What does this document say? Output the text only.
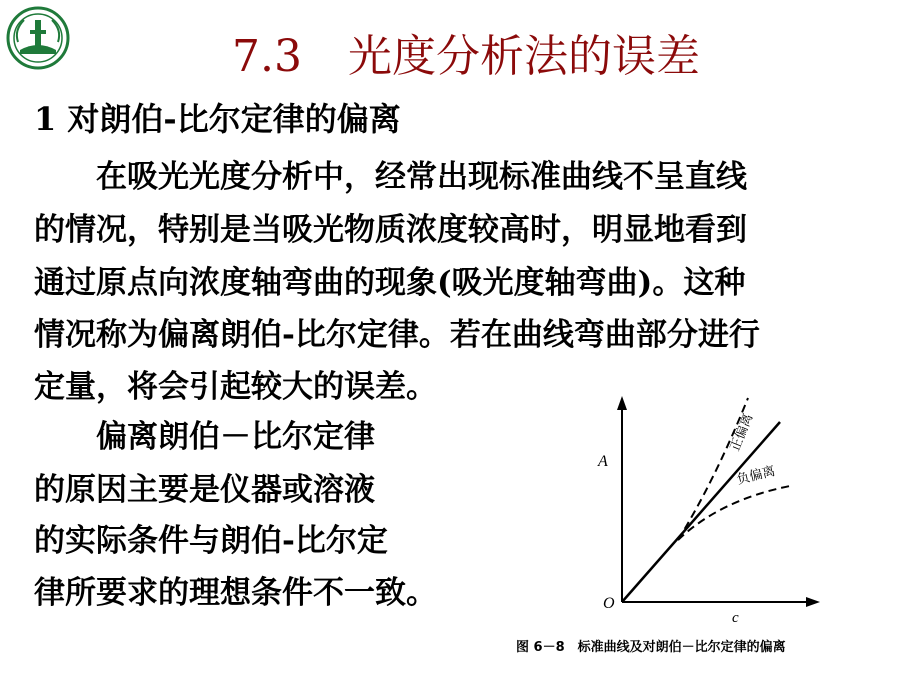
7.3 光度分析法的误差
1 对朗伯-比尔定律的偏离
　　在吸光光度分析中，经常出现标准曲线不呈直线
的情况，特别是当吸光物质浓度较高时，明显地看到
通过原点向浓度轴弯曲的现象(吸光度轴弯曲)。这种
情况称为偏离朗伯-比尔定律。若在曲线弯曲部分进行
定量，将会引起较大的误差。
　　偏离朗伯－比尔定律
的原因主要是仪器或溶液
的实际条件与朗伯-比尔定
律所要求的理想条件不一致。
A
c
O
正偏离
负偏离
图 6－8　标准曲线及对朗伯－比尔定律的偏离
